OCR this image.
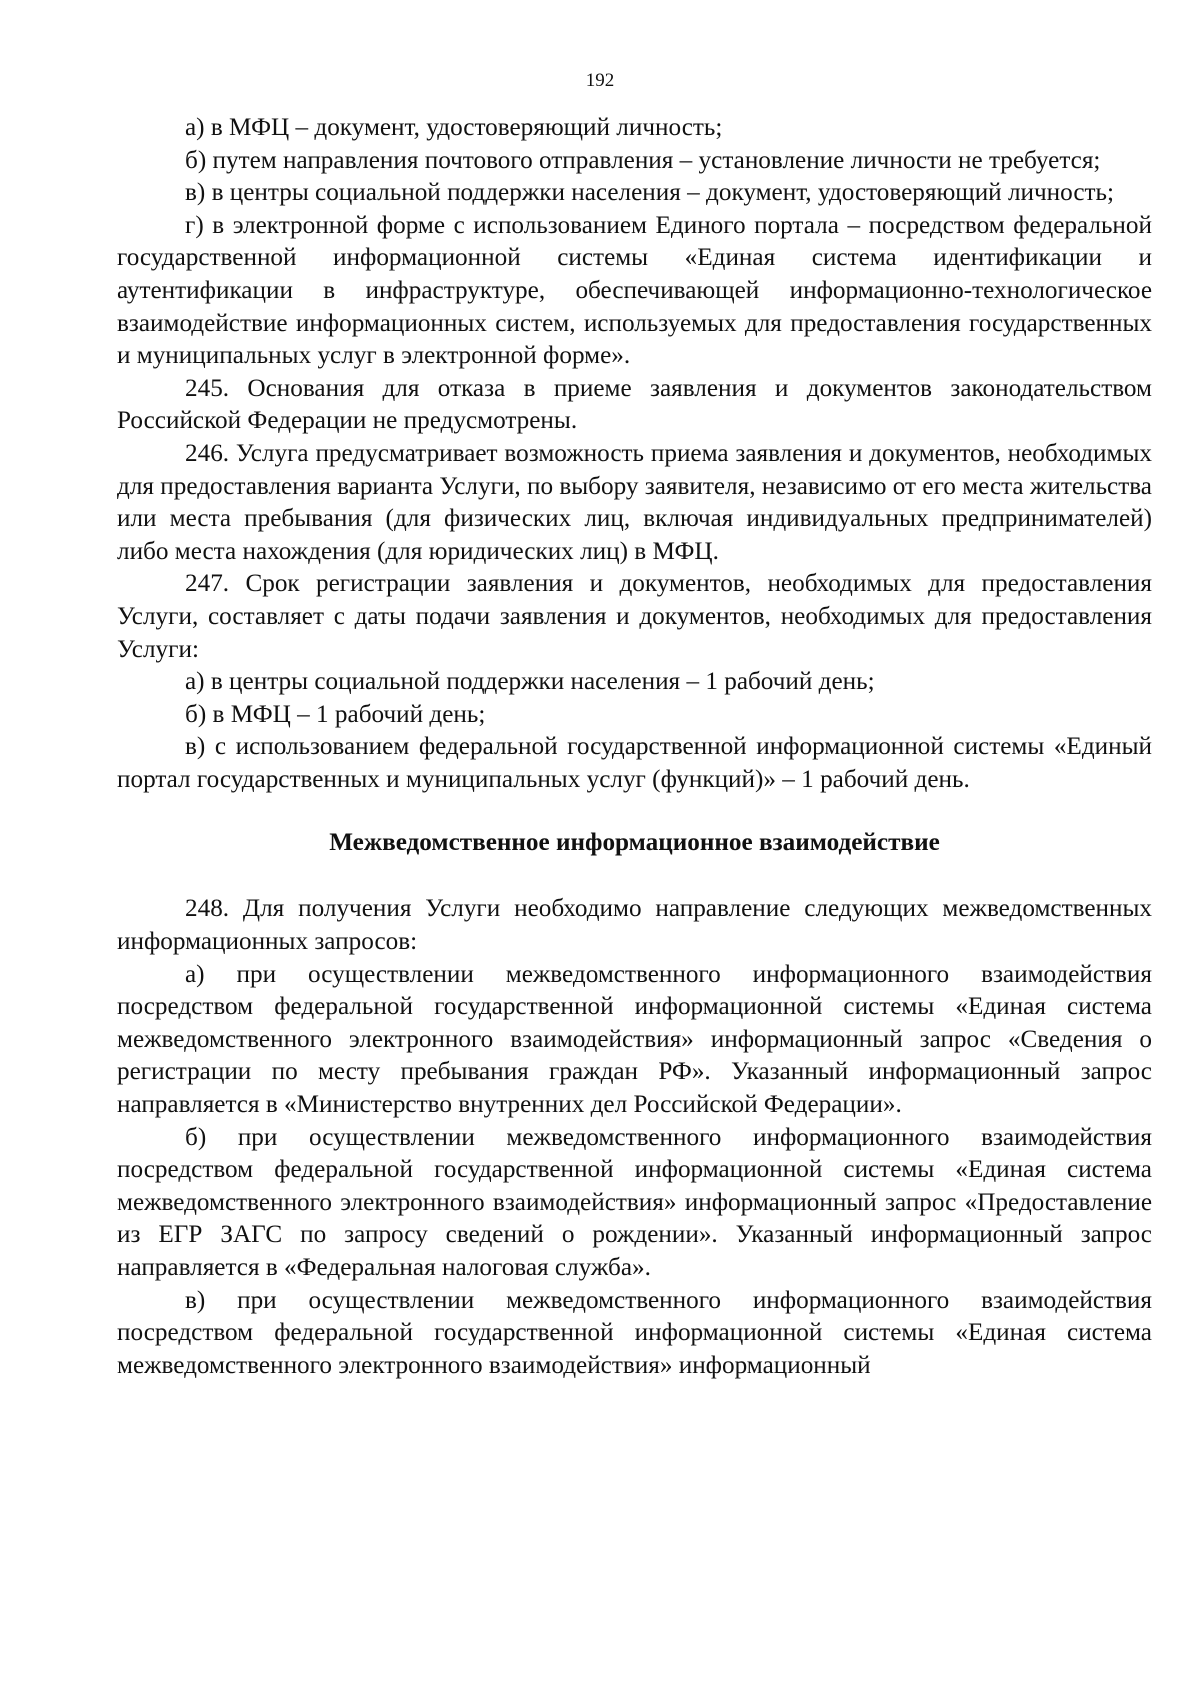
192

а) в МФЦ – документ, удостоверяющий личность;

б) путем направления почтового отправления – установление личности не требуется;

в) в центры социальной поддержки населения – документ, удостоверяющий личность;

г) в электронной форме с использованием Единого портала – посредством федеральной государственной информационной системы «Единая система идентификации и аутентификации в инфраструктуре, обеспечивающей информационно-технологическое взаимодействие информационных систем, используемых для предоставления государственных и муниципальных услуг в электронной форме».

245. Основания для отказа в приеме заявления и документов законодательством Российской Федерации не предусмотрены.

246. Услуга предусматривает возможность приема заявления и документов, необходимых для предоставления варианта Услуги, по выбору заявителя, независимо от его места жительства или места пребывания (для физических лиц, включая индивидуальных предпринимателей) либо места нахождения (для юридических лиц) в МФЦ.

247. Срок регистрации заявления и документов, необходимых для предоставления Услуги, составляет с даты подачи заявления и документов, необходимых для предоставления Услуги:

а) в центры социальной поддержки населения – 1 рабочий день;

б) в МФЦ – 1 рабочий день;

в) с использованием федеральной государственной информационной системы «Единый портал государственных и муниципальных услуг (функций)» – 1 рабочий день.

Межведомственное информационное взаимодействие

248. Для получения Услуги необходимо направление следующих межведомственных информационных запросов:

а) при осуществлении межведомственного информационного взаимодействия посредством федеральной государственной информационной системы «Единая система межведомственного электронного взаимодействия» информационный запрос «Сведения о регистрации по месту пребывания граждан РФ». Указанный информационный запрос направляется в «Министерство внутренних дел Российской Федерации».

б) при осуществлении межведомственного информационного взаимодействия посредством федеральной государственной информационной системы «Единая система межведомственного электронного взаимодействия» информационный запрос «Предоставление из ЕГР ЗАГС по запросу сведений о рождении». Указанный информационный запрос направляется в «Федеральная налоговая служба».

в) при осуществлении межведомственного информационного взаимодействия посредством федеральной государственной информационной системы «Единая система межведомственного электронного взаимодействия» информационный
